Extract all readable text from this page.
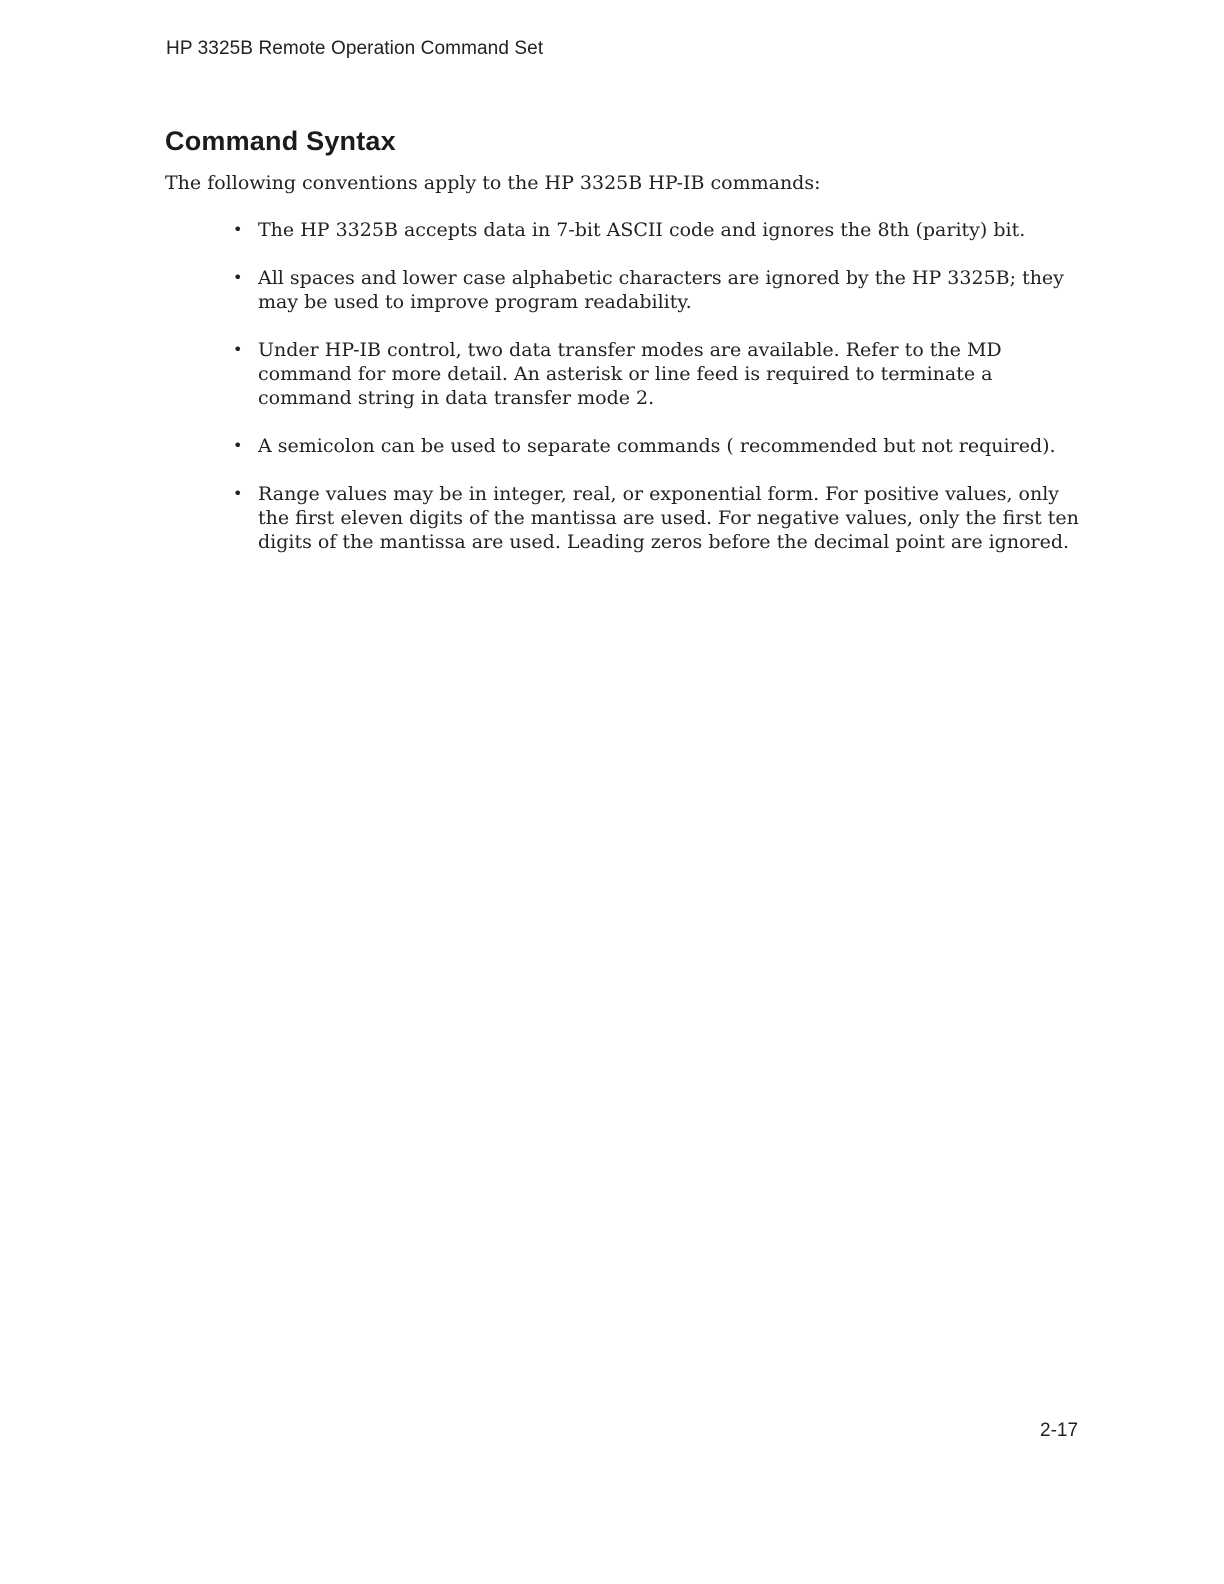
HP 3325B Remote Operation Command Set
Command Syntax

The following conventions apply to the HP 3325B HP-IB commands:

• The HP 3325B accepts data in 7-bit ASCII code and ignores the 8th (parity) bit.
• All spaces and lower case alphabetic characters are ignored by the HP 3325B; they may be used to improve program readability.
• Under HP-IB control, two data transfer modes are available. Refer to the MD command for more detail. An asterisk or line feed is required to terminate a command string in data transfer mode 2.
• A semicolon can be used to separate commands ( recommended but not required).
• Range values may be in integer, real, or exponential form. For positive values, only the first eleven digits of the mantissa are used. For negative values, only the first ten digits of the mantissa are used. Leading zeros before the decimal point are ignored.
2-17
